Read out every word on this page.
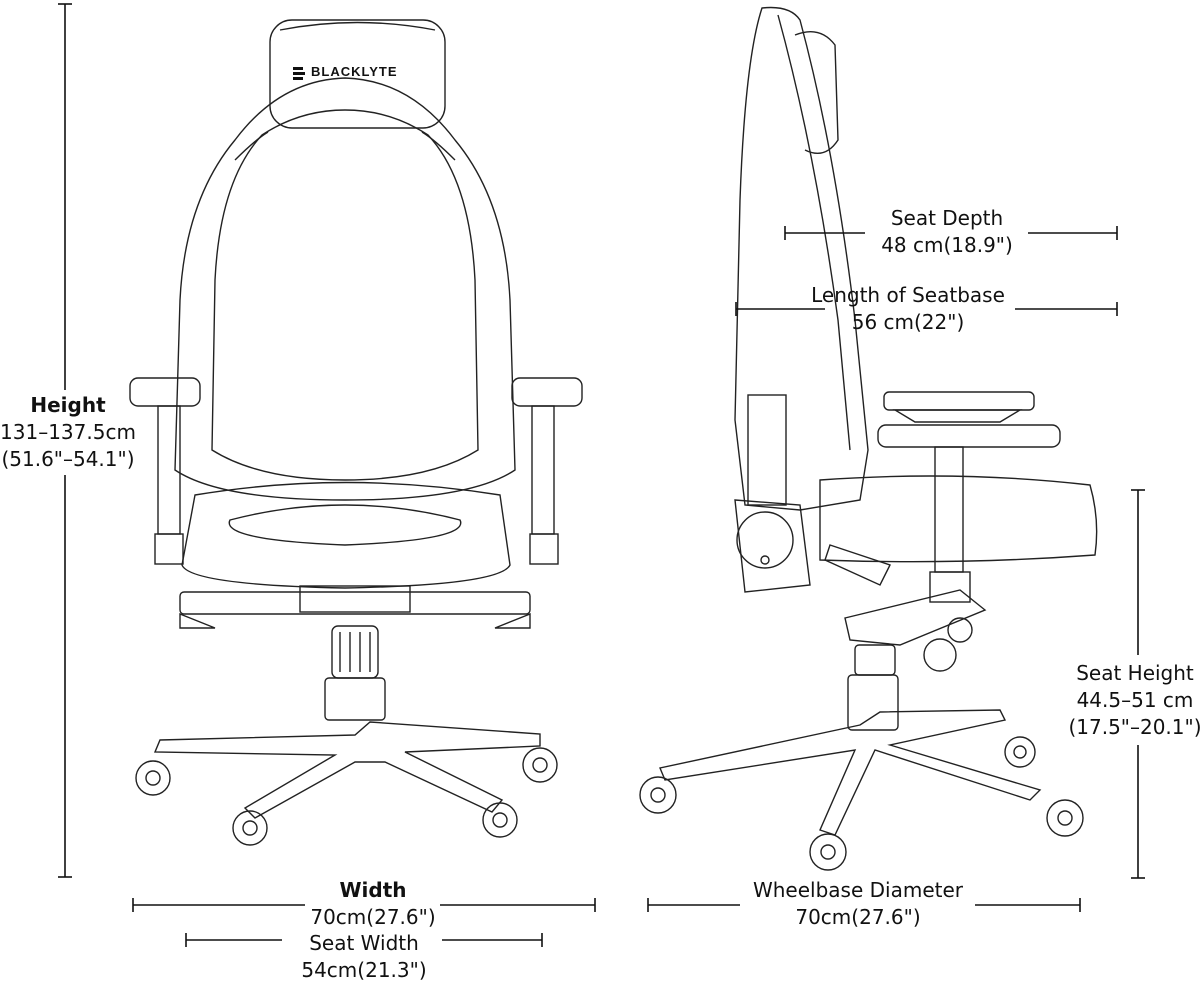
BLACKLYTE
Height
131–137.5cm
(51.6"–54.1")
Width
70cm(27.6")
Seat Width
54cm(21.3")
Seat Depth
48 cm(18.9")
Length of Seatbase
56 cm(22")
Seat Height
44.5–51 cm
(17.5"–20.1")
Wheelbase Diameter
70cm(27.6")
